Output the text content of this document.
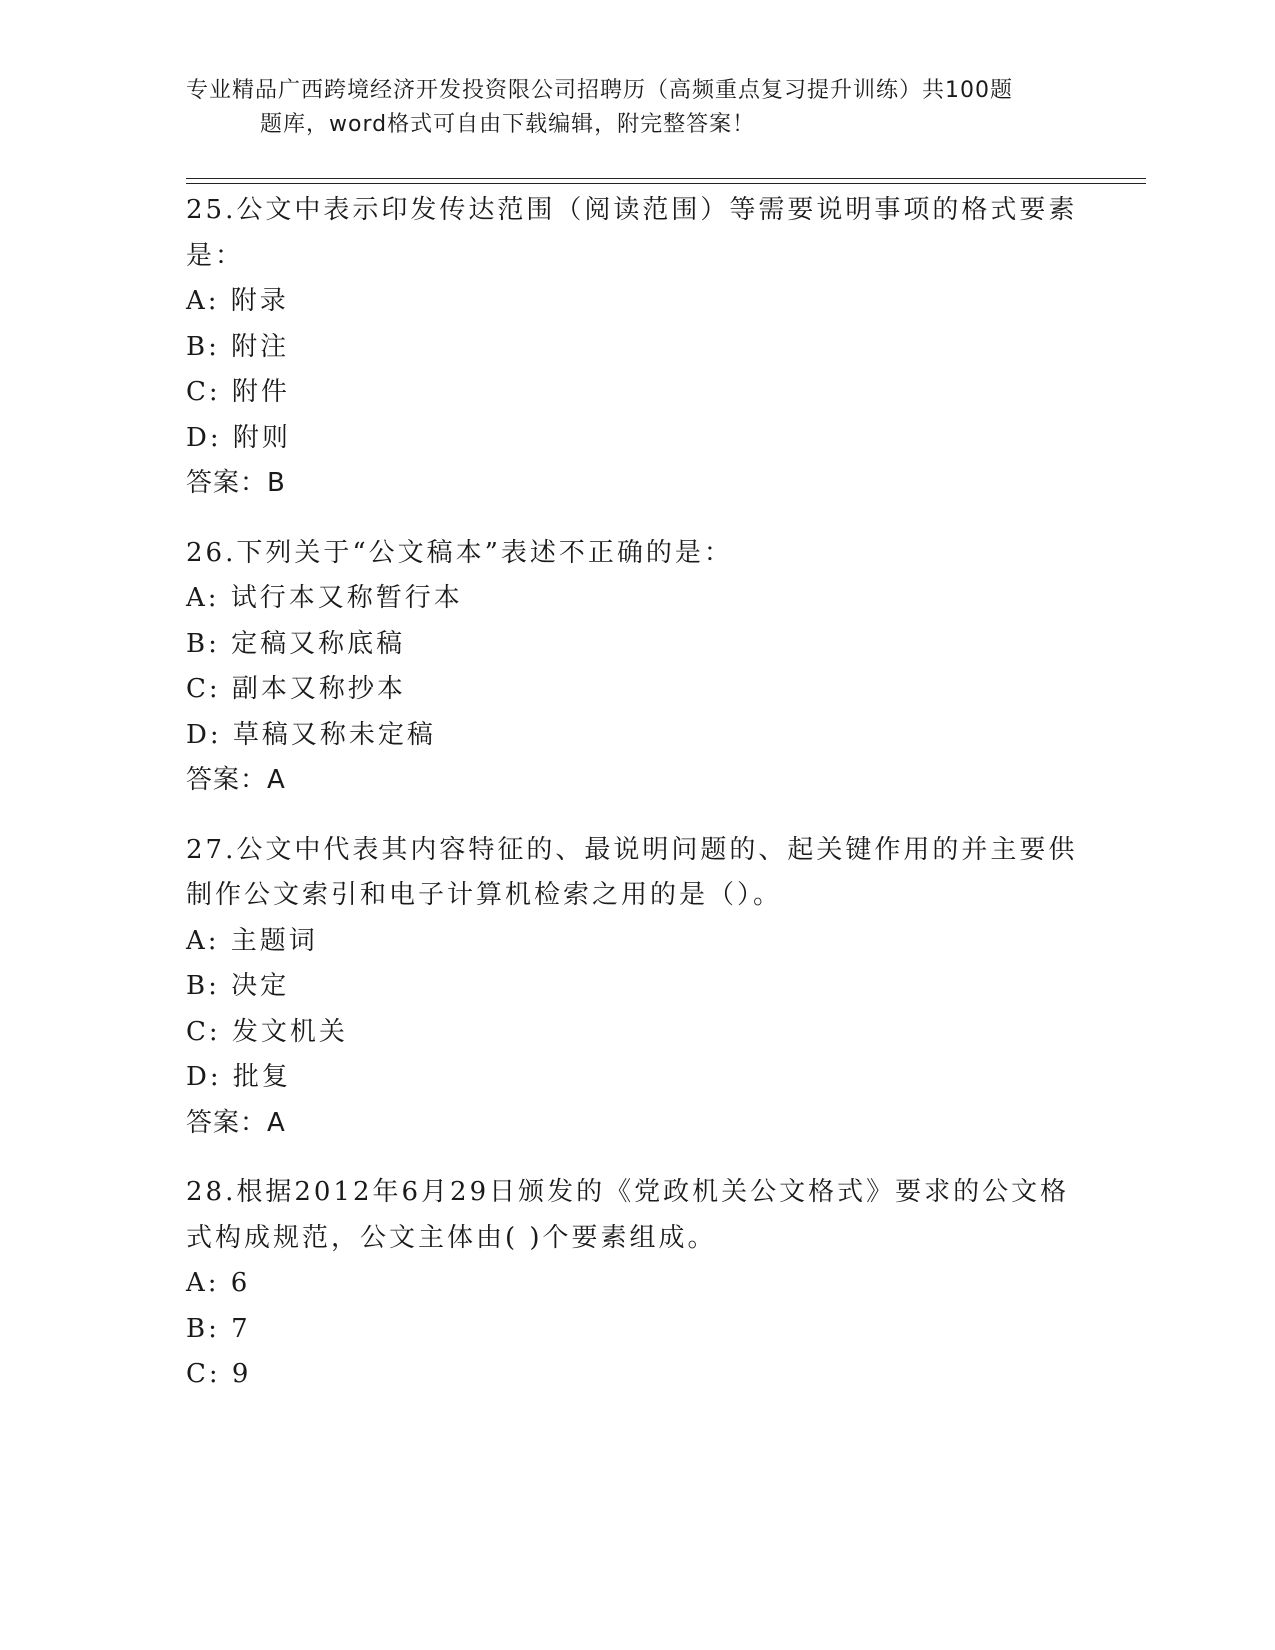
专业精品广西跨境经济开发投资限公司招聘历（高频重点复习提升训练）共100题
题库，word格式可自由下载编辑，附完整答案！
25.公文中表示印发传达范围（阅读范围）等需要说明事项的格式要素
是：
A: 附录
B: 附注
C: 附件
D: 附则
答案：B
26.下列关于“公文稿本”表述不正确的是：
A: 试行本又称暂行本
B: 定稿又称底稿
C: 副本又称抄本
D: 草稿又称未定稿
答案：A
27.公文中代表其内容特征的、最说明问题的、起关键作用的并主要供
制作公文索引和电子计算机检索之用的是（）。
A: 主题词
B: 决定
C: 发文机关
D: 批复
答案：A
28.根据2012年6月29日颁发的《党政机关公文格式》要求的公文格
式构成规范，公文主体由( )个要素组成。
A: 6
B: 7
C: 9
